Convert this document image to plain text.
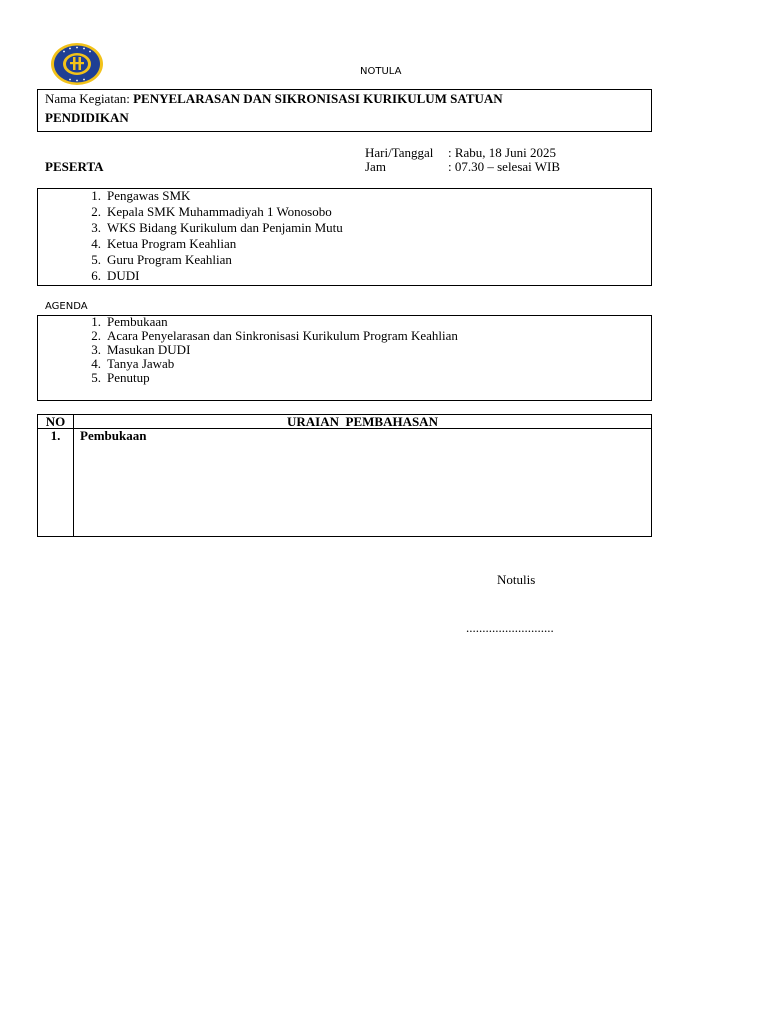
NOTULA
Nama Kegiatan: PENYELARASAN DAN SIKRONISASI KURIKULUM SATUAN
PENDIDIKAN
Hari/Tanggal : Rabu, 18 Juni 2025
Jam	: 07.30 – selesai WIB
PESERTA
1. Pengawas SMK
2. Kepala SMK Muhammadiyah 1 Wonosobo
3. WKS Bidang Kurikulum dan Penjamin Mutu
4. Ketua Program Keahlian
5. Guru Program Keahlian
6. DUDI
AGENDA
1. Pembukaan
2. Acara Penyelarasan dan Sinkronisasi Kurikulum Program Keahlian
3. Masukan DUDI
4. Tanya Jawab
5. Penutup
NO	URAIAN  PEMBAHASAN
1.	Pembukaan
Notulis
...........................
